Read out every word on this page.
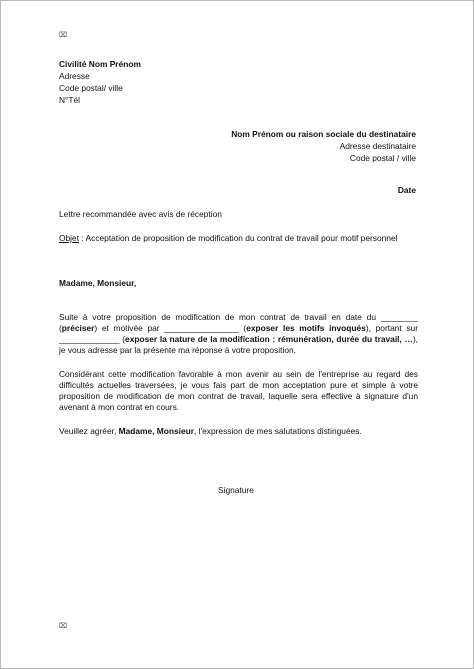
⌧
Civilité Nom Prénom
Adresse
Code postal/ ville
N°Tél
Nom Prénom ou raison sociale du destinataire
Adresse destinataire
Code postal / ville
Date
Lettre recommandée avec avis de réception
Objet : Acceptation de proposition de modification du contrat de travail pour motif personnel
Madame, Monsieur,
Suite à votre proposition de modification de mon contrat de travail en date du ________ (préciser) et motivée par ________________ (exposer les motifs invoqués), portant sur _____________ (exposer la nature de la modification : rémunération, durée du travail, …), je vous adresse par la présente ma réponse à votre proposition.
Considérant cette modification favorable à mon avenir au sein de l'entreprise au regard des difficultés actuelles traversées, je vous fais part de mon acceptation pure et simple à votre proposition de modification de mon contrat de travail, laquelle sera effective à signature d'un avenant à mon contrat en cours.
Veuillez agréer, Madame, Monsieur, l'expression de mes salutations distinguées.
Signature
⌧
